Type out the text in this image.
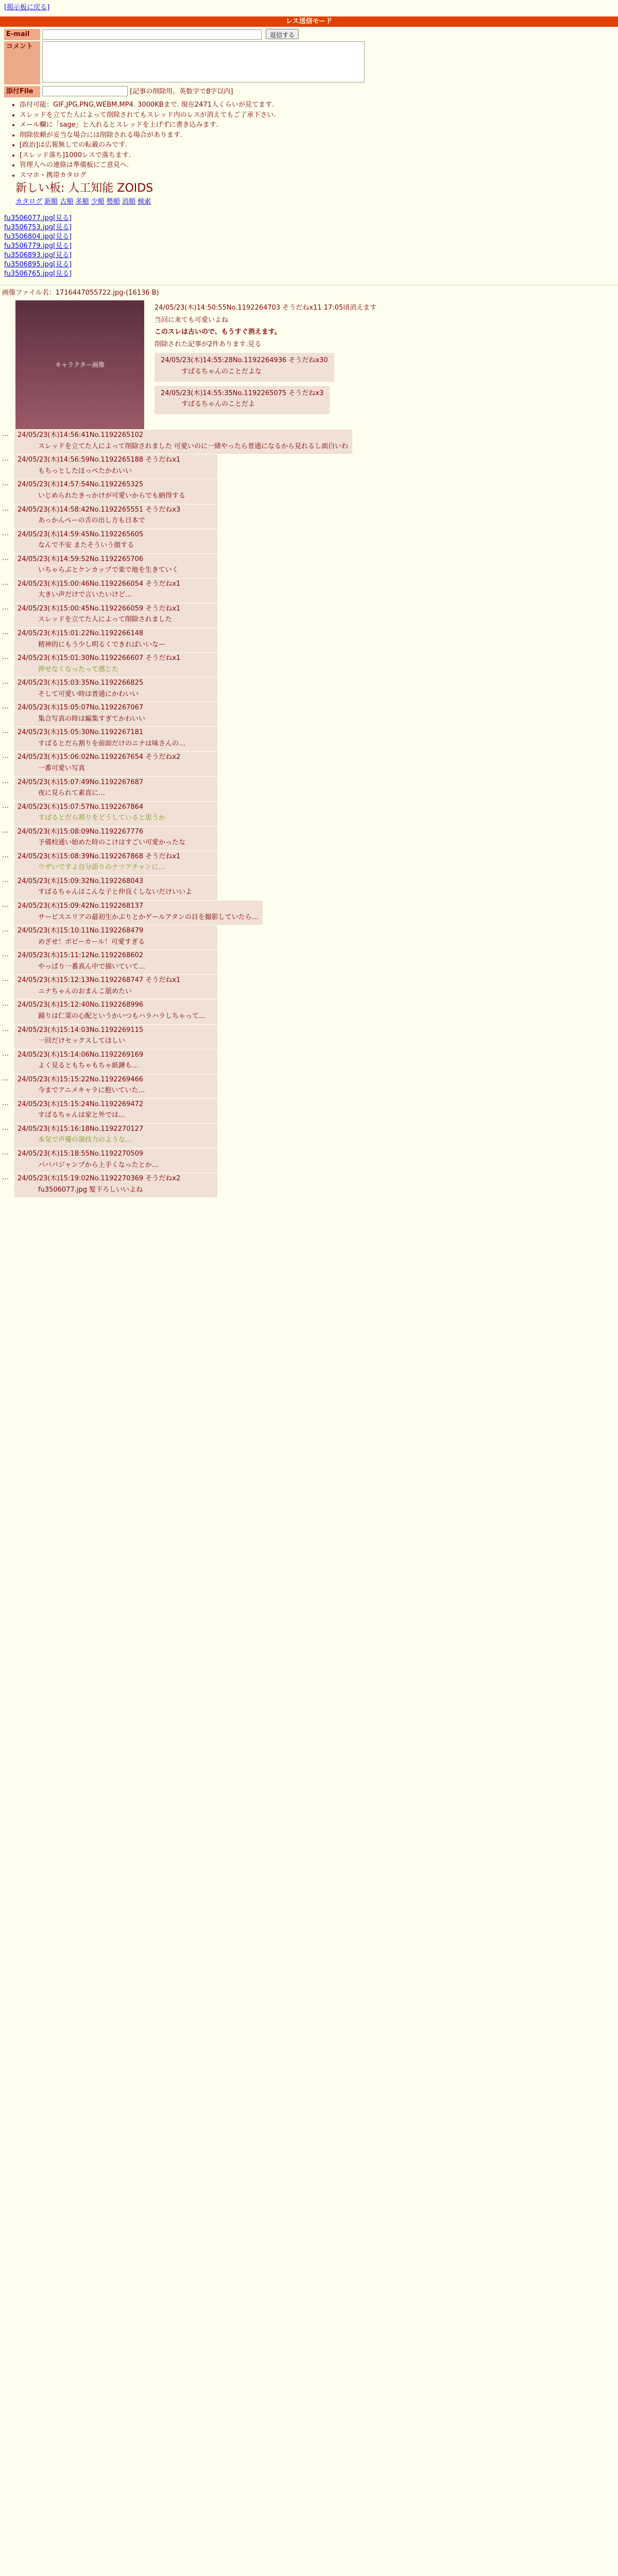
[掲示板に戻る]
レス送信モード
E-mail	返信する
コメント
添付File	[記事の削除用。英数字で8字以内]
• 添付可能：GIF,JPG,PNG,WEBM,MP4. 3000KBまで. 現在2471人くらいが見てます.
• スレッドを立てた人によって削除されてもスレッド内のレスが消えてもご了承下さい.
• メール欄に「sage」と入れるとスレッドを上げずに書き込みます.
• 削除依頼が妥当な場合には削除される場合があります.
• [政治]は広報無しでの転載のみです.
• [スレッド落ち]1000レスで落ちます.
• 管理人への連絡は準備板にご意見へ.
• スマホ・携帯カタログ
新しい板: 人工知能 ZOIDS
カタログ 新順 古順 多順 少順 勢順 消順 検索
fu3506077.jpg[見る]
fu3506753.jpg[見る]
fu3506804.jpg[見る]
fu3506779.jpg[見る]
fu3506893.jpg[見る]
fu3506895.jpg[見る]
fu3506765.jpg[見る]
画像ファイル名：1716447055722.jpg-(16136 B)
キャラクター画像
24/05/23(木)14:50:55No.1192264703 そうだねx11 17:05頃消えます

当回に来ても可愛いよね

このスレは古いので、もうすぐ消えます。

削除された記事が2件あります.見る

24/05/23(木)14:55:28No.1192264936 そうだねx30
すばるちゃんのことだよな

24/05/23(木)14:55:35No.1192265075 そうだねx3
すばるちゃんのことだよ
…	24/05/23(木)14:56:41No.1192265102
スレッドを立てた人によって削除されました 可愛いのに一緒やったら普通になるから見れるし面白いわ
…	24/05/23(木)14:56:59No.1192265188 そうだねx1
もちっとしたほっぺたかわいい
…	24/05/23(木)14:57:54No.1192265325
いじめられたきっかけが可愛いからでも納得する
…	24/05/23(木)14:58:42No.1192265551 そうだねx3
あっかんべーの舌の出し方も日本で
…	24/05/23(木)14:59:45No.1192265605
なんで不安 またそういう顔する
…	24/05/23(木)14:59:52No.1192265706
いちゃらぶとケンカップで楽で地を生きていく
…	24/05/23(木)15:00:46No.1192266054 そうだねx1
大きい声だけで言いたいけど…
…	24/05/23(木)15:00:45No.1192266059 そうだねx1
スレッドを立てた人によって削除されました
…	24/05/23(木)15:01:22No.1192266148
精神的にもう少し明るくできればいいなー
…	24/05/23(木)15:01:30No.1192266607 そうだねx1
押せなくなったって感じた
…	24/05/23(木)15:03:35No.1192266825
そして可愛い時は普通にかわいい
…	24/05/23(木)15:05:07No.1192267067
集合写真の時は編集すぎてかわいい
…	24/05/23(木)15:05:30No.1192267181
すばるとだら割りを前面だけのニナは味さんの…
…	24/05/23(木)15:06:02No.1192267654 そうだねx2
一番可愛い写真
…	24/05/23(木)15:07:49No.1192267687
夜に見られて素直に…
…	24/05/23(木)15:07:57No.1192267864
すばるとだら割りをどうしていると思うか
…	24/05/23(木)15:08:09No.1192267776
予備校通い始めた時のこけはすごい可愛かったな
…	24/05/23(木)15:08:39No.1192267868 そうだねx1
ウザいですよ自分語りのナツアチャンに…
…	24/05/23(木)15:09:32No.1192268043
すばるちゃんはこんな子と仲良くしないだけいいよ
…	24/05/23(木)15:09:42No.1192268137
サービスエリアの最初生かぶりとかゲールアタンの目を撮影していたら…
…	24/05/23(木)15:10:11No.1192268479
めざせ！ポピーカール！可愛すぎる
…	24/05/23(木)15:11:12No.1192268602
やっぱり一番真ん中で描いていて…
…	24/05/23(木)15:12:13No.1192268747 そうだねx1
ニナちゃんのおまんこ舐めたい
…	24/05/23(木)15:12:40No.1192268996
踊りは仁菜の心配というかいつもハラハラしちゃって…
…	24/05/23(木)15:14:03No.1192269115
一回だけセックスしてほしい
…	24/05/23(木)15:14:06No.1192269169
よく見るともちゃもちゃ紙錘も…
…	24/05/23(木)15:15:22No.1192269466
今までアニメキャラに抱いていた…
…	24/05/23(木)15:15:24No.1192269472
すばるちゃんは家と外では…
…	24/05/23(木)15:16:18No.1192270127
本気で声優の演技力のような…
…	24/05/23(木)15:18:55No.1192270509
パパパジャンプから上手くなったとか…
…	24/05/23(木)15:19:02No.1192270369 そうだねx2
fu3506077.jpg 髪下ろしいいよね
